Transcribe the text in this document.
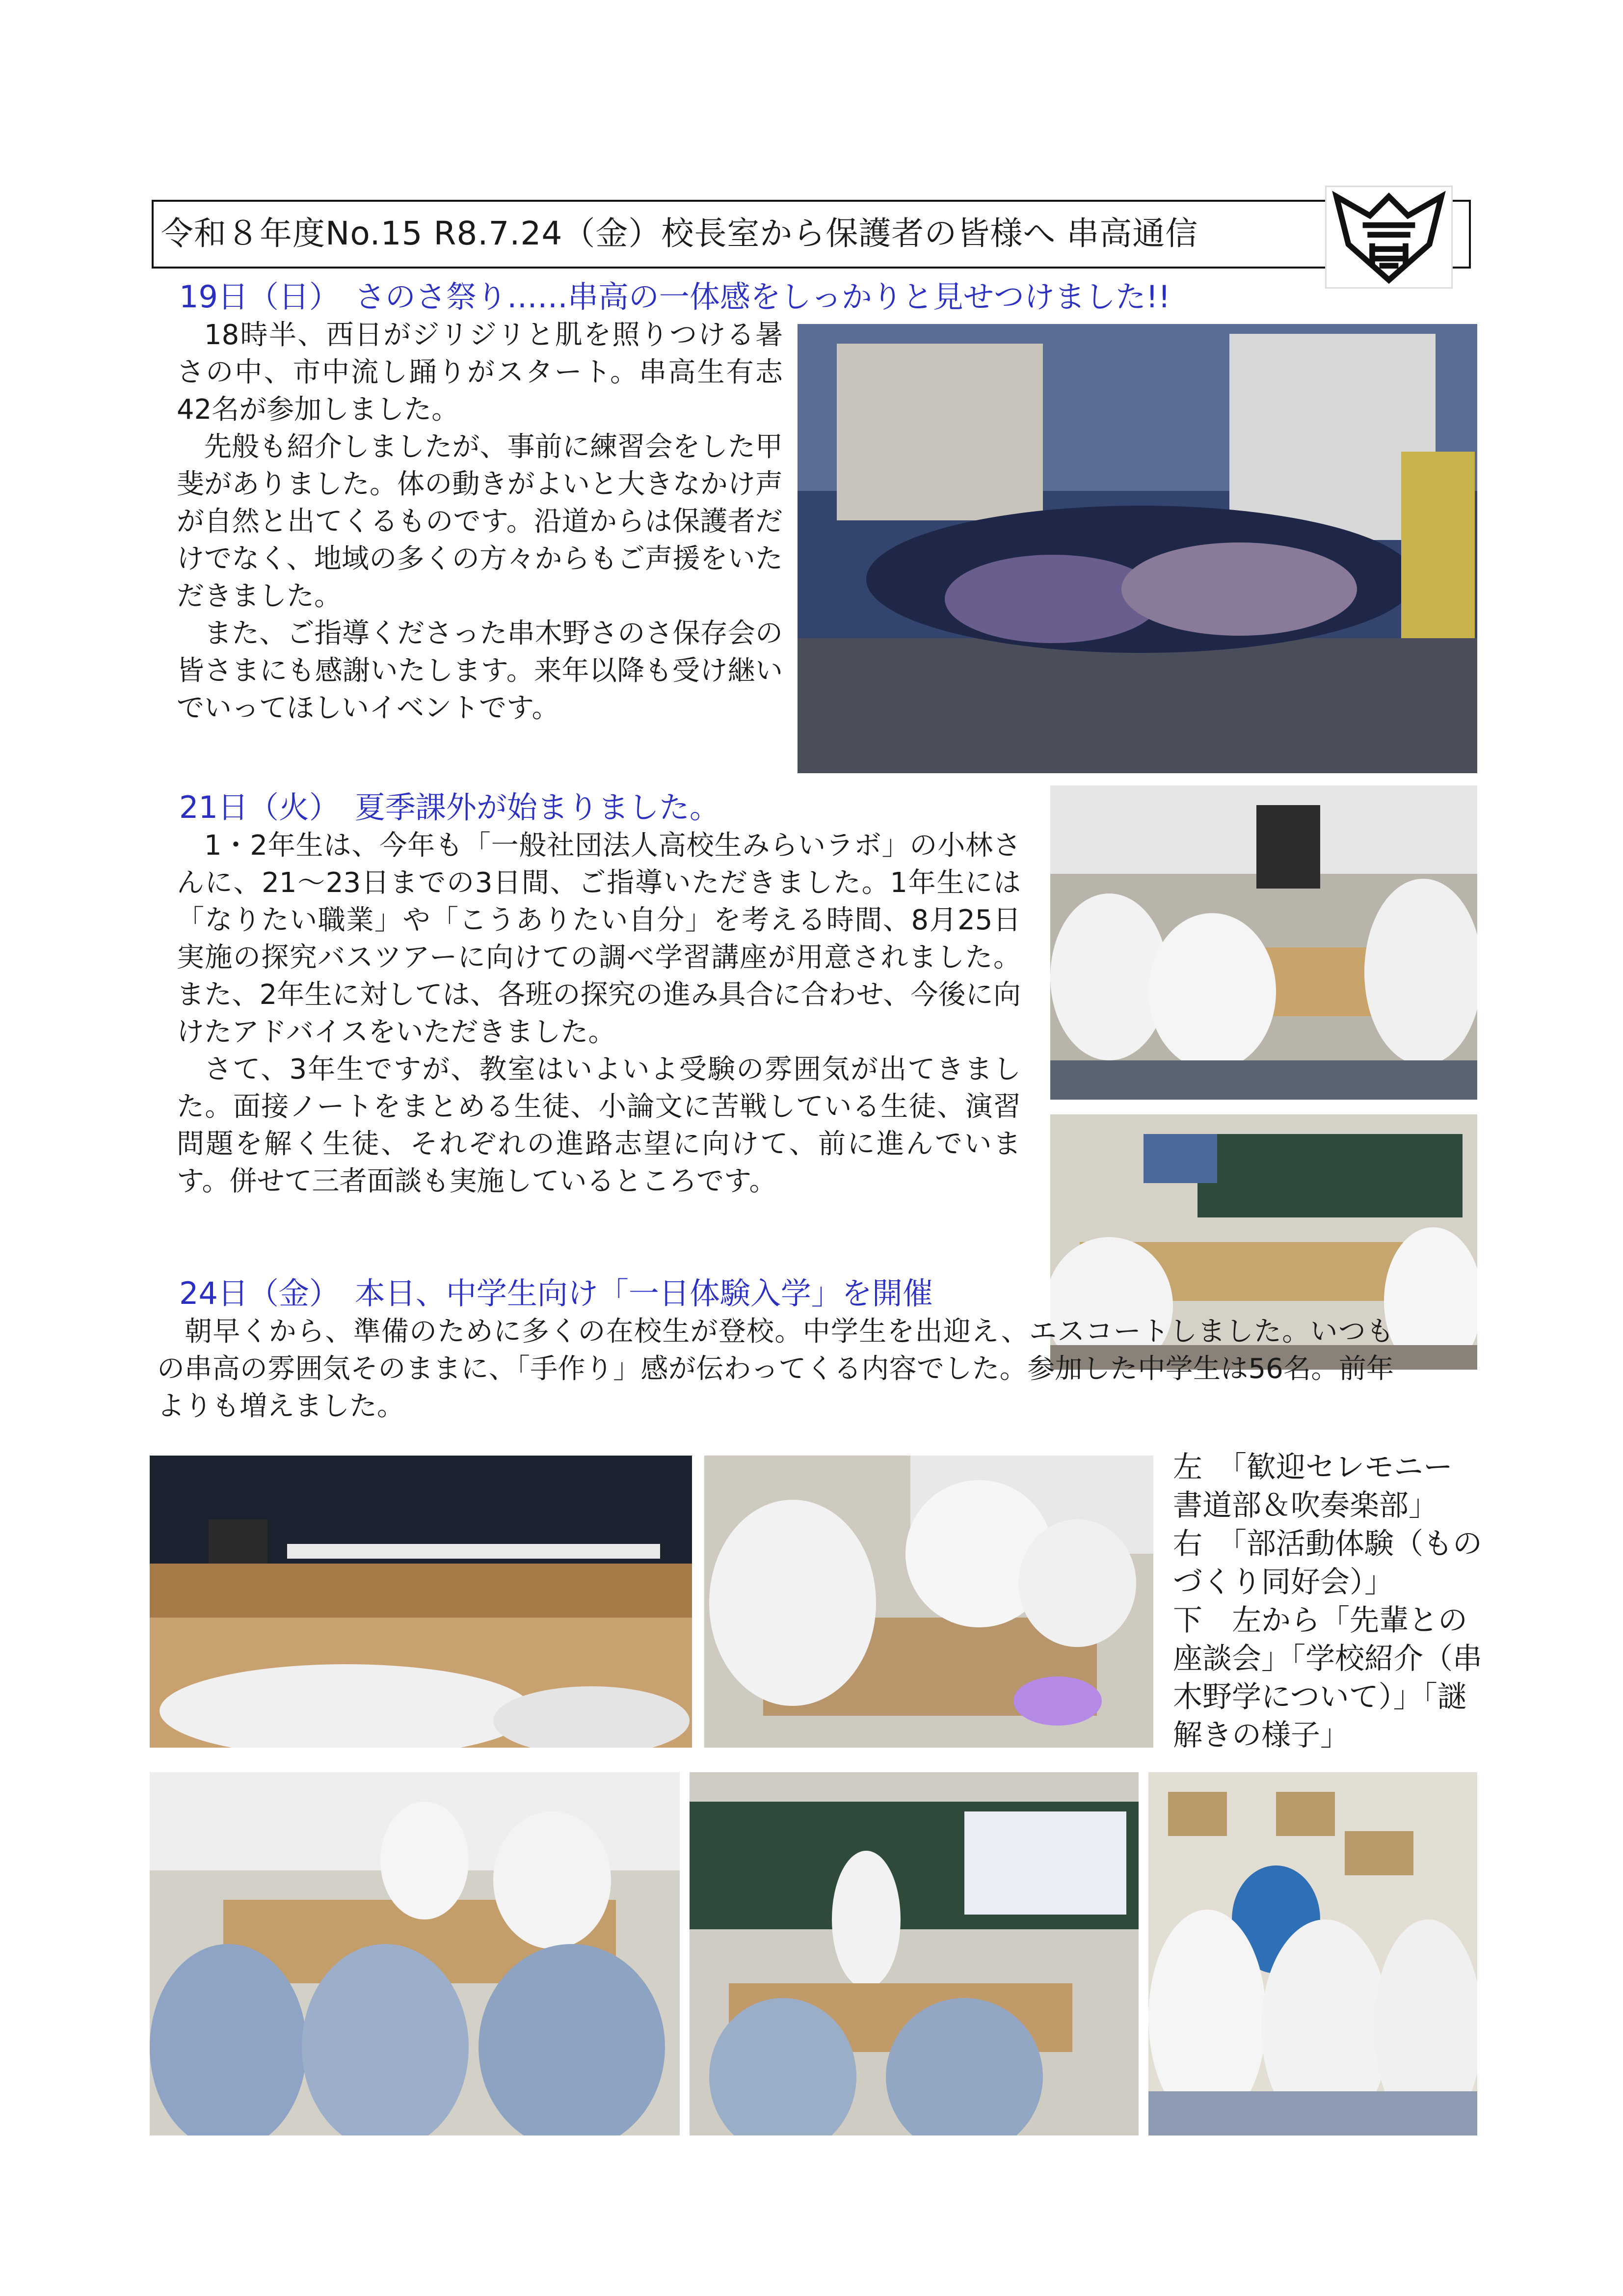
令和８年度No.15 R8.7.24（金）校長室から保護者の皆様へ 串高通信
19日（日）　さのさ祭り……串高の一体感をしっかりと見せつけました!!

18時半、西日がジリジリと肌を照りつける暑さの中、市中流し踊りがスタート。串高生有志42名が参加しました。

先般も紹介しましたが、事前に練習会をした甲斐がありました。体の動きがよいと大きなかけ声が自然と出てくるものです。沿道からは保護者だけでなく、地域の多くの方々からもご声援をいただきました。

また、ご指導くださった串木野さのさ保存会の皆さまにも感謝いたします。来年以降も受け継いでいってほしいイベントです。

21日（火）　夏季課外が始まりました。

1・2年生は、今年も「一般社団法人高校生みらいラボ」の小林さんに、21～23日までの3日間、ご指導いただきました。1年生には「なりたい職業」や「こうありたい自分」を考える時間、8月25日実施の探究バスツアーに向けての調べ学習講座が用意されました。また、2年生に対しては、各班の探究の進み具合に合わせ、今後に向けたアドバイスをいただきました。

さて、3年生ですが、教室はいよいよ受験の雰囲気が出てきました。面接ノートをまとめる生徒、小論文に苦戦している生徒、演習問題を解く生徒、それぞれの進路志望に向けて、前に進んでいます。併せて三者面談も実施しているところです。

24日（金）　本日、中学生向け「一日体験入学」を開催

朝早くから、準備のために多くの在校生が登校。中学生を出迎え、エスコートしました。いつもの串高の雰囲気そのままに、「手作り」感が伝わってくる内容でした。参加した中学生は56名。前年よりも増えました。

左　「歓迎セレモニー　書道部＆吹奏楽部」
右　「部活動体験（ものづくり同好会）」
下　左から「先輩との座談会」「学校紹介（串木野学について）」「謎解きの様子」
